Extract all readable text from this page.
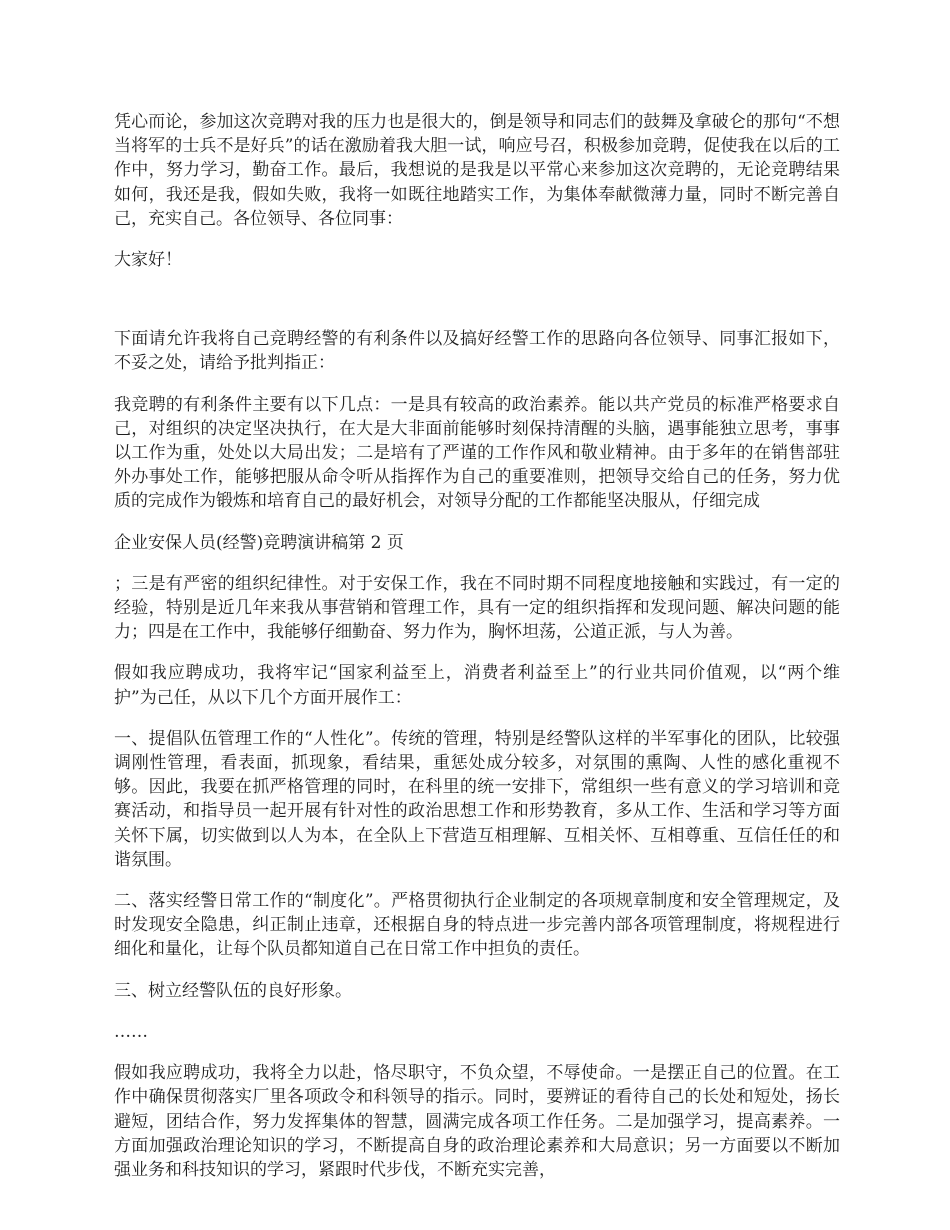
凭心而论，参加这次竞聘对我的压力也是很大的，倒是领导和同志们的鼓舞及拿破仑的那句“不想当将军的士兵不是好兵”的话在激励着我大胆一试，响应号召，积极参加竞聘，促使我在以后的工作中，努力学习，勤奋工作。最后，我想说的是我是以平常心来参加这次竞聘的，无论竞聘结果如何，我还是我，假如失败，我将一如既往地踏实工作，为集体奉献微薄力量，同时不断完善自己，充实自己。各位领导、各位同事：

大家好！

下面请允许我将自己竞聘经警的有利条件以及搞好经警工作的思路向各位领导、同事汇报如下，不妥之处，请给予批判指正：

我竞聘的有利条件主要有以下几点：一是具有较高的政治素养。能以共产党员的标准严格要求自己，对组织的决定坚决执行，在大是大非面前能够时刻保持清醒的头脑，遇事能独立思考，事事以工作为重，处处以大局出发；二是培有了严谨的工作作风和敬业精神。由于多年的在销售部驻外办事处工作，能够把服从命令听从指挥作为自己的重要准则，把领导交给自己的任务，努力优质的完成作为锻炼和培育自己的最好机会，对领导分配的工作都能坚决服从，仔细完成

企业安保人员(经警)竞聘演讲稿第 2 页

；三是有严密的组织纪律性。对于安保工作，我在不同时期不同程度地接触和实践过，有一定的经验，特别是近几年来我从事营销和管理工作，具有一定的组织指挥和发现问题、解决问题的能力；四是在工作中，我能够仔细勤奋、努力作为，胸怀坦荡，公道正派，与人为善。

假如我应聘成功，我将牢记“国家利益至上，消费者利益至上”的行业共同价值观，以“两个维护”为己任，从以下几个方面开展作工：

一、提倡队伍管理工作的“人性化”。传统的管理，特别是经警队这样的半军事化的团队，比较强调刚性管理，看表面，抓现象，看结果，重惩处成分较多，对氛围的熏陶、人性的感化重视不够。因此，我要在抓严格管理的同时，在科里的统一安排下，常组织一些有意义的学习培训和竞赛活动，和指导员一起开展有针对性的政治思想工作和形势教育，多从工作、生活和学习等方面关怀下属，切实做到以人为本，在全队上下营造互相理解、互相关怀、互相尊重、互信任任的和谐氛围。

二、落实经警日常工作的“制度化”。严格贯彻执行企业制定的各项规章制度和安全管理规定，及时发现安全隐患，纠正制止违章，还根据自身的特点进一步完善内部各项管理制度，将规程进行细化和量化，让每个队员都知道自己在日常工作中担负的责任。

三、树立经警队伍的良好形象。

……

假如我应聘成功，我将全力以赴，恪尽职守，不负众望，不辱使命。一是摆正自己的位置。在工作中确保贯彻落实厂里各项政令和科领导的指示。同时，要辨证的看待自己的长处和短处，扬长避短，团结合作，努力发挥集体的智慧，圆满完成各项工作任务。二是加强学习，提高素养。一方面加强政治理论知识的学习，不断提高自身的政治理论素养和大局意识；另一方面要以不断加强业务和科技知识的学习，紧跟时代步伐，不断充实完善，
